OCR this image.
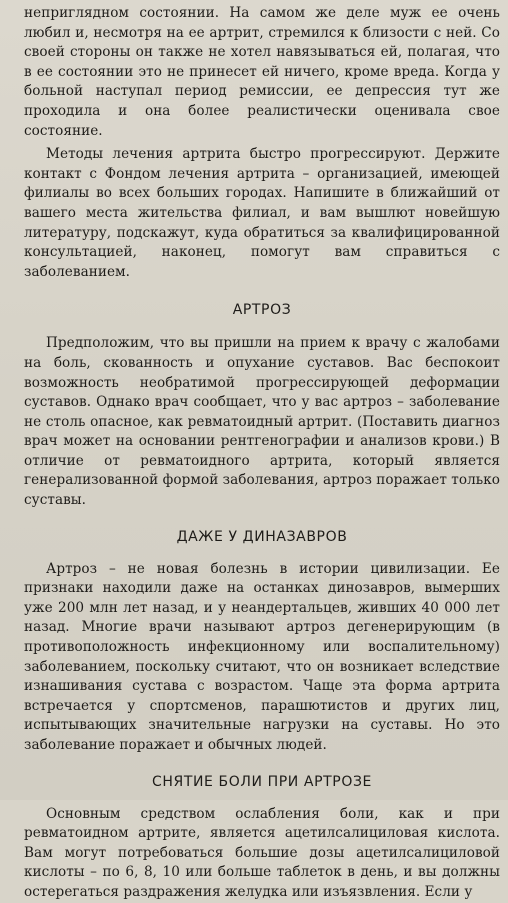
неприглядном состоянии. На самом же деле муж ее очень любил и, несмотря на ее артрит, стремился к близости с ней. Со своей стороны он также не хотел навязываться ей, полагая, что в ее состоянии это не принесет ей ничего, кроме вреда. Когда у больной наступал период ремиссии, ее депрессия тут же проходила и она более реалистически оценивала свое состояние.

Методы лечения артрита быстро прогрессируют. Держите контакт с Фондом лечения артрита – организацией, имеющей филиалы во всех больших городах. Напишите в ближайший от вашего места жительства филиал, и вам вышлют новейшую литературу, подскажут, куда обратиться за квалифицированной консультацией, наконец, помогут вам справиться с заболеванием.

АРТРОЗ

Предположим, что вы пришли на прием к врачу с жалобами на боль, скованность и опухание суставов. Вас беспокоит возможность необратимой прогрессирующей деформации суставов. Однако врач сообщает, что у вас артроз – заболевание не столь опасное, как ревматоидный артрит. (Поставить диагноз врач может на основании рентгенографии и анализов крови.) В отличие от ревматоидного артрита, который является генерализованной формой заболевания, артроз поражает только суставы.

ДАЖЕ У ДИНАЗАВРОВ

Артроз – не новая болезнь в истории цивилизации. Ее признаки находили даже на останках динозавров, вымерших уже 200 млн лет назад, и у неандертальцев, живших 40 000 лет назад. Многие врачи называют артроз дегенерирующим (в противоположность инфекционному или воспалительному) заболеванием, поскольку считают, что он возникает вследствие изнашивания сустава с возрастом. Чаще эта форма артрита встречается у спортсменов, парашютистов и других лиц, испытывающих значительные нагрузки на суставы. Но это заболевание поражает и обычных людей.

СНЯТИЕ БОЛИ ПРИ АРТРОЗЕ

Основным средством ослабления боли, как и при ревматоидном артрите, является ацетилсалициловая кислота. Вам могут потребоваться большие дозы ацетилсалициловой кислоты – по 6, 8, 10 или больше таблеток в день, и вы должны остерегаться раздражения желудка или изъязвления. Если у
